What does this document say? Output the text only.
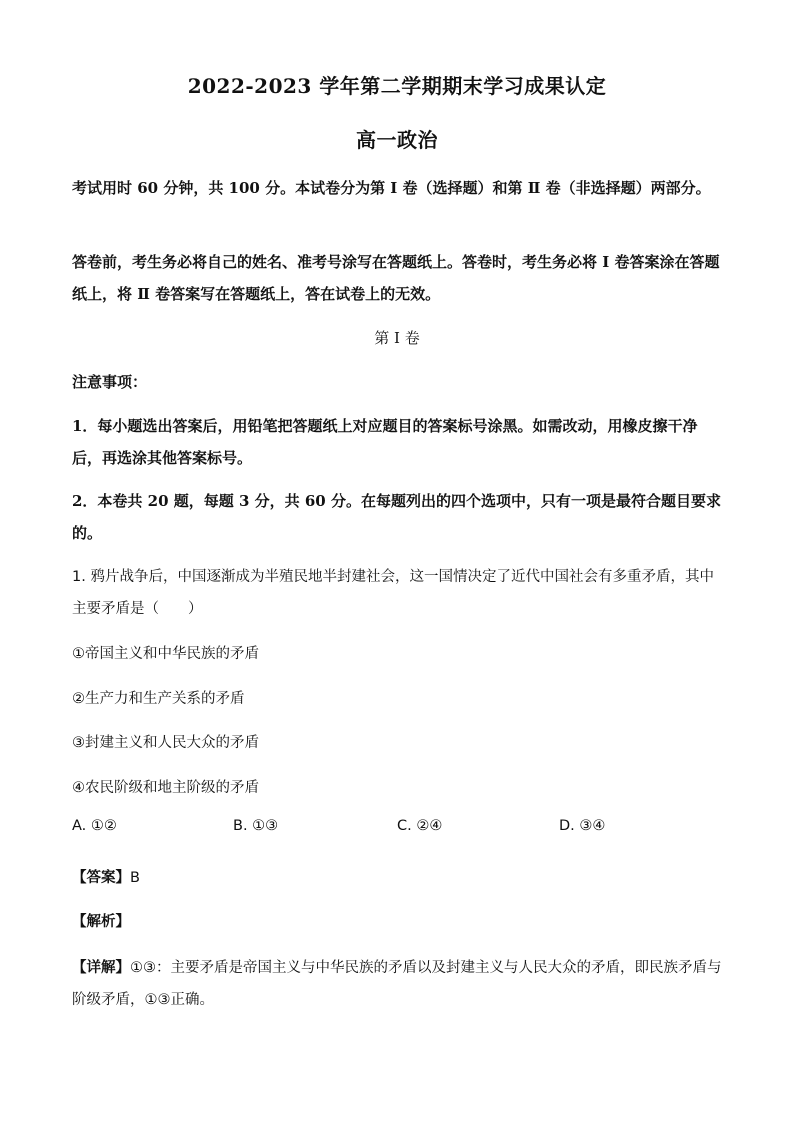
2022-2023 学年第二学期期末学习成果认定
高一政治
考试用时 60 分钟，共 100 分。本试卷分为第 Ⅰ 卷（选择题）和第 Ⅱ 卷（非选择题）两部分。
答卷前，考生务必将自己的姓名、准考号涂写在答题纸上。答卷时，考生务必将 Ⅰ 卷答案涂在答题纸上，将 Ⅱ 卷答案写在答题纸上，答在试卷上的无效。
第 Ⅰ 卷
注意事项：
1．每小题选出答案后，用铅笔把答题纸上对应题目的答案标号涂黑。如需改动，用橡皮擦干净后，再选涂其他答案标号。
2．本卷共 20 题，每题 3 分，共 60 分。在每题列出的四个选项中，只有一项是最符合题目要求的。
1. 鸦片战争后，中国逐渐成为半殖民地半封建社会，这一国情决定了近代中国社会有多重矛盾，其中主要矛盾是（　　）
①帝国主义和中华民族的矛盾
②生产力和生产关系的矛盾
③封建主义和人民大众的矛盾
④农民阶级和地主阶级的矛盾
A. ①②	B. ①③	C. ②④	D. ③④
【答案】B
【解析】
【详解】①③：主要矛盾是帝国主义与中华民族的矛盾以及封建主义与人民大众的矛盾，即民族矛盾与阶级矛盾，①③正确。
